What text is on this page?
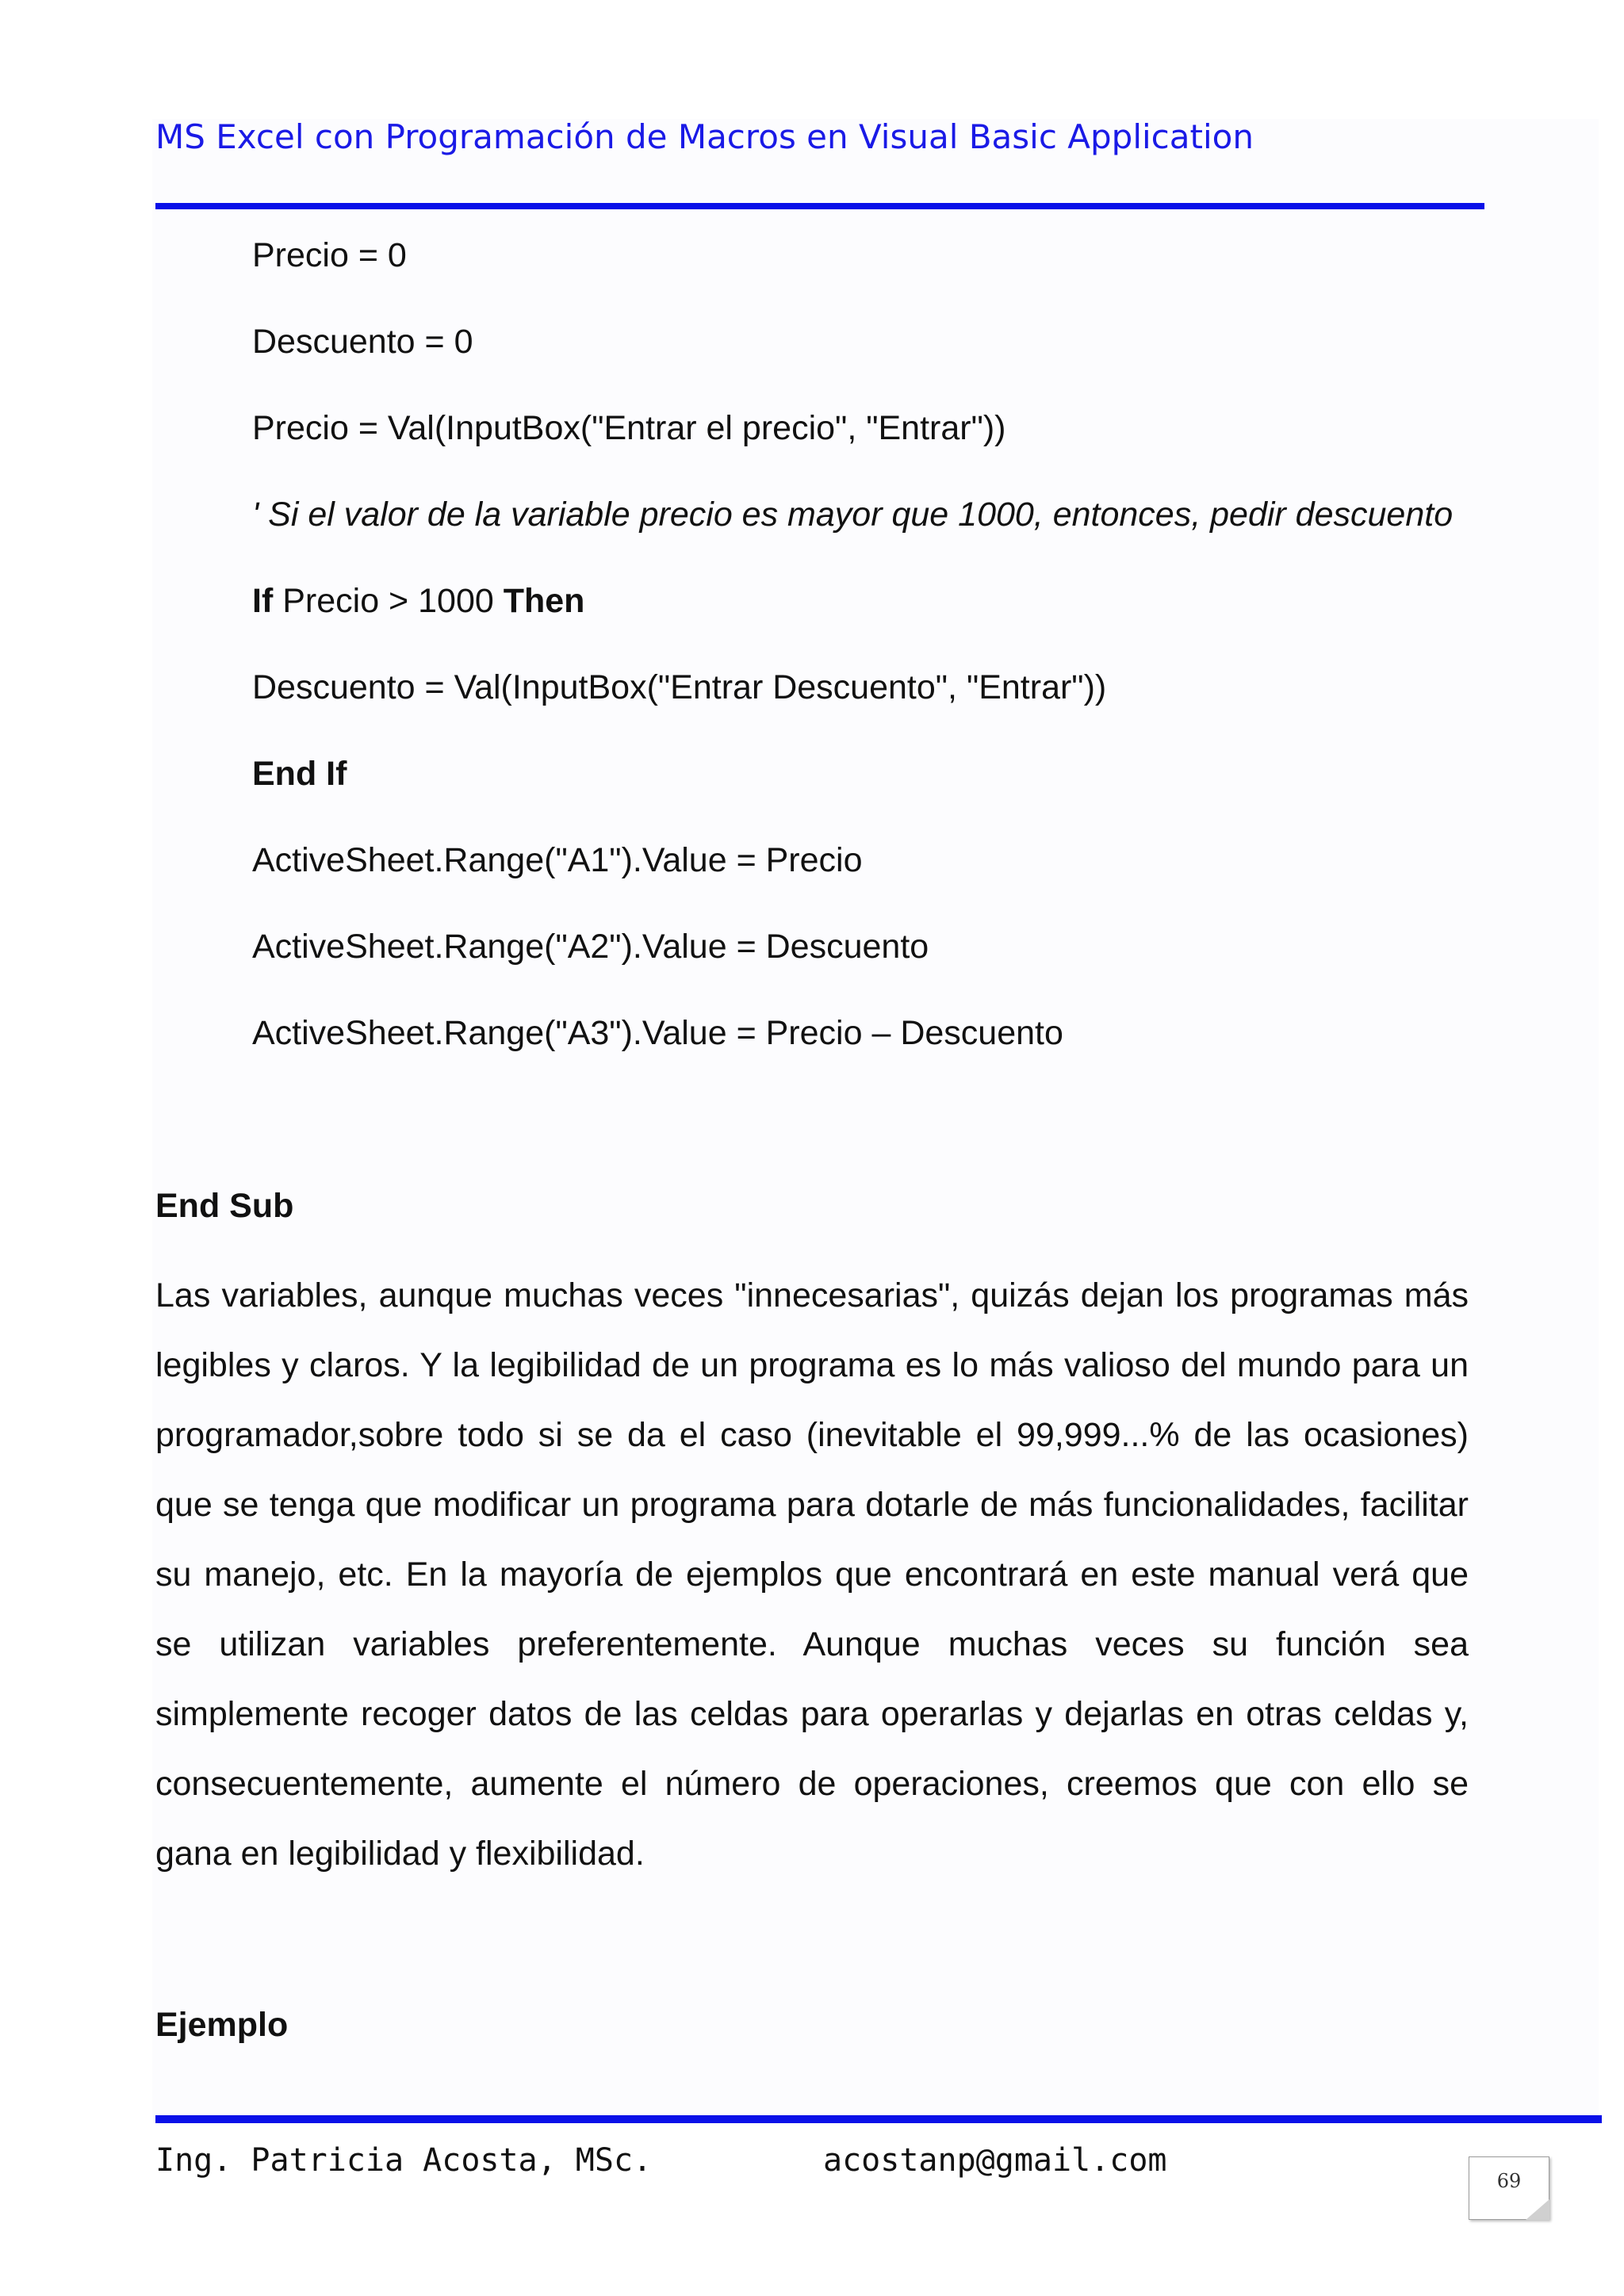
MS Excel con Programación de Macros en Visual Basic Application
Precio = 0
Descuento = 0
Precio = Val(InputBox("Entrar el precio", "Entrar"))
' Si el valor de la variable precio es mayor que 1000, entonces, pedir descuento
If Precio > 1000 Then
Descuento = Val(InputBox("Entrar Descuento", "Entrar"))
End If
ActiveSheet.Range("A1").Value = Precio
ActiveSheet.Range("A2").Value = Descuento
ActiveSheet.Range("A3").Value = Precio – Descuento
End Sub
Las variables, aunque muchas veces "innecesarias", quizás dejan los programas más legibles y claros. Y la legibilidad de un programa es lo más valioso del mundo para un programador,sobre todo si se da el caso (inevitable el 99,999...% de las ocasiones) que se tenga que modificar un programa para dotarle de más funcionalidades, facilitar su manejo, etc. En la mayoría de ejemplos que encontrará en este manual verá que se utilizan variables preferentemente. Aunque muchas veces su función sea simplemente recoger datos de las celdas para operarlas y dejarlas en otras celdas y, consecuentemente, aumente el número de operaciones, creemos que con ello se gana en legibilidad y flexibilidad.
Ejemplo
Ing. Patricia Acosta, MSc.	acostanp@gmail.com
69
